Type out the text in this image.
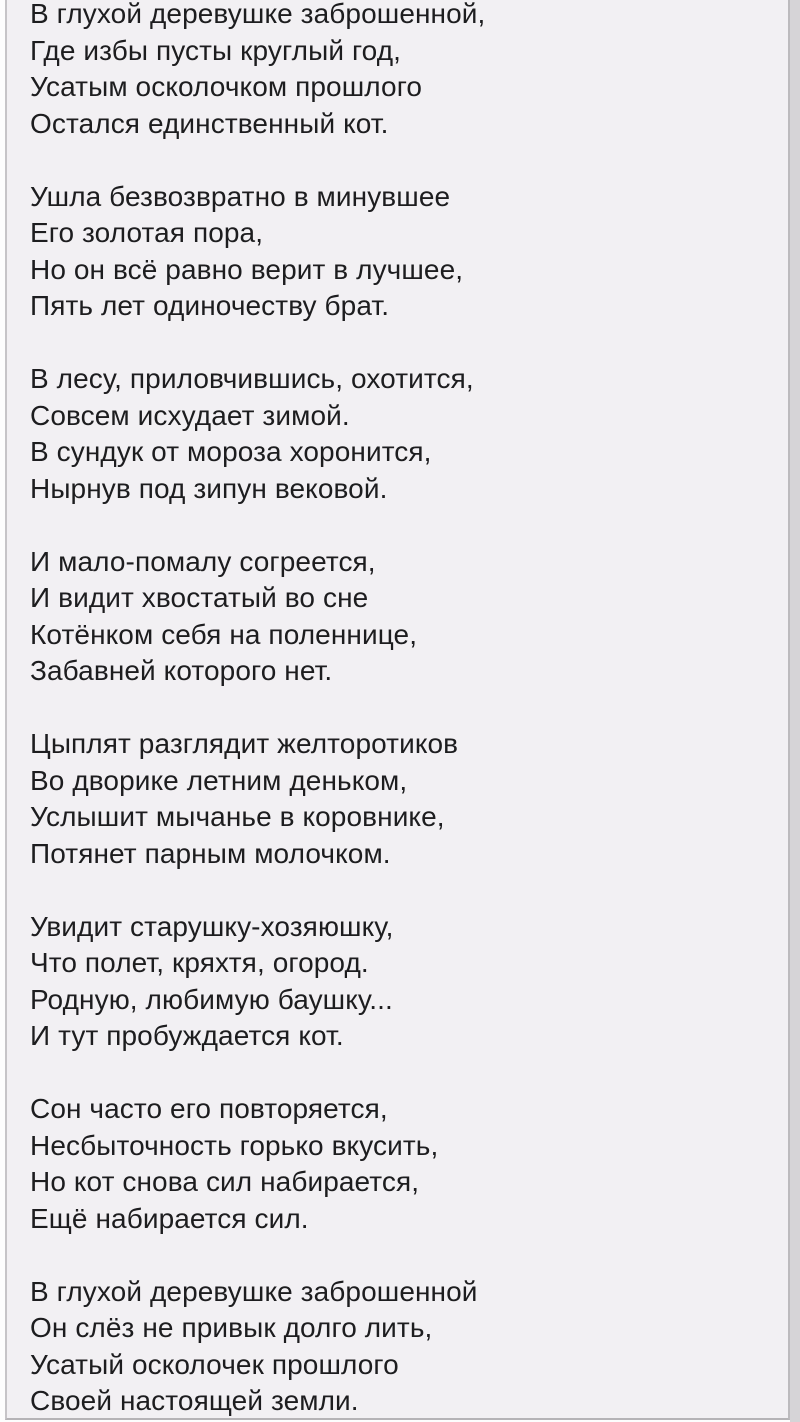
В глухой деревушке заброшенной,

Где избы пусты круглый год,

Усатым осколочком прошлого

Остался единственный кот.

Ушла безвозвратно в минувшее

Его золотая пора,

Но он всё равно верит в лучшее,

Пять лет одиночеству брат.

В лесу, приловчившись, охотится,

Совсем исхудает зимой.

В сундук от мороза хоронится,

Нырнув под зипун вековой.

И мало-помалу согреется,

И видит хвостатый во сне

Котёнком себя на поленнице,

Забавней которого нет.

Цыплят разглядит желторотиков

Во дворике летним деньком,

Услышит мычанье в коровнике,

Потянет парным молочком.

Увидит старушку-хозяюшку,

Что полет, кряхтя, огород.

Родную, любимую баушку...

И тут пробуждается кот.

Сон часто его повторяется,

Несбыточность горько вкусить,

Но кот снова сил набирается,

Ещё набирается сил.

В глухой деревушке заброшенной

Он слёз не привык долго лить,

Усатый осколочек прошлого

Своей настоящей земли.
